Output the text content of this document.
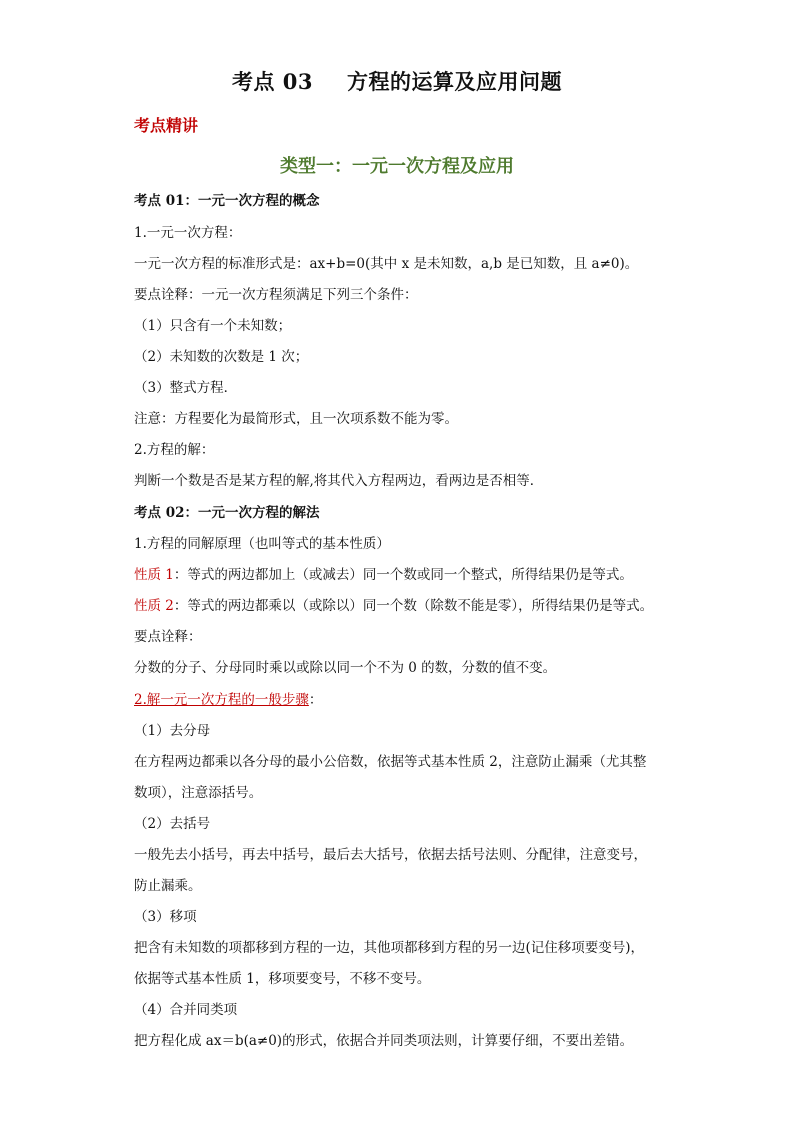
考点 03 方程的运算及应用问题
考点精讲
类型一：一元一次方程及应用
考点 01：一元一次方程的概念
1.一元一次方程：
一元一次方程的标准形式是：ax+b=0(其中 x 是未知数，a,b 是已知数，且 a≠0)。
要点诠释：一元一次方程须满足下列三个条件：
（1）只含有一个未知数；
（2）未知数的次数是 1 次；
（3）整式方程．
注意：方程要化为最简形式，且一次项系数不能为零。
2.方程的解：
判断一个数是否是某方程的解,将其代入方程两边，看两边是否相等．
考点 02：一元一次方程的解法
1.方程的同解原理（也叫等式的基本性质）
性质 1：等式的两边都加上（或减去）同一个数或同一个整式，所得结果仍是等式。
性质 2：等式的两边都乘以（或除以）同一个数（除数不能是零），所得结果仍是等式。
要点诠释：
分数的分子、分母同时乘以或除以同一个不为 0 的数，分数的值不变。
2.解一元一次方程的一般步骤：
（1）去分母
在方程两边都乘以各分母的最小公倍数，依据等式基本性质 2，注意防止漏乘（尤其整
数项），注意添括号。
（2）去括号
一般先去小括号，再去中括号，最后去大括号，依据去括号法则、分配律，注意变号，
防止漏乘。
（3）移项
把含有未知数的项都移到方程的一边，其他项都移到方程的另一边(记住移项要变号)，
依据等式基本性质 1，移项要变号，不移不变号。
（4）合并同类项
把方程化成 ax＝b(a≠0)的形式，依据合并同类项法则，计算要仔细，不要出差错。
